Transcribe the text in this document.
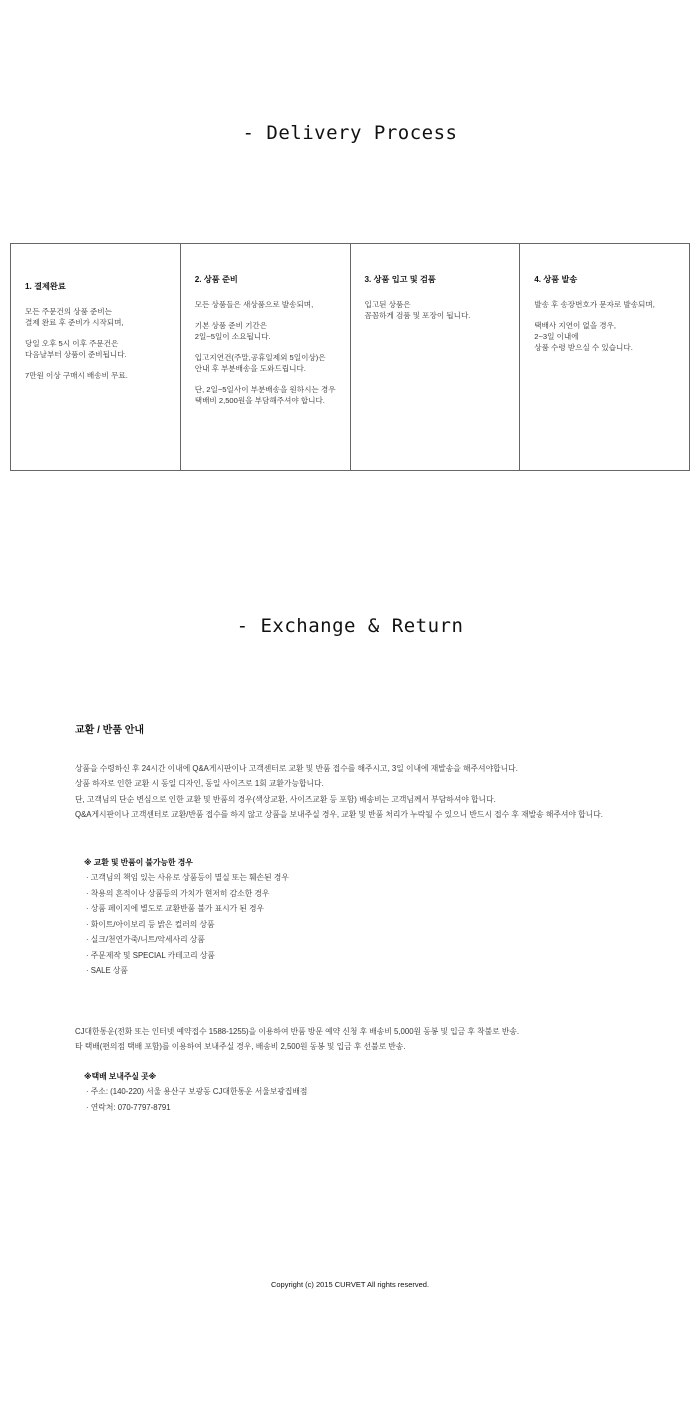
- Delivery Process
1. 결제완료
모든 주문건의 상품 준비는
결제 완료 후 준비가 시작되며,
당일 오후 5시 이후 주문건은
다음날부터 상품이 준비됩니다.
7만원 이상 구매시 배송비 무료.
2. 상품 준비
모든 상품들은 새상품으로 발송되며,
기본 상품 준비 기간은
2일~5일이 소요됩니다.
입고지연건(주말,공휴일제외 5일이상)은
안내 후 부분배송을 도와드립니다.
단, 2일~5일사이 부분배송을 원하시는 경우
택배비 2,500원을 부담해주셔야 합니다.
3. 상품 입고 및 검품
입고된 상품은
꼼꼼하게 검품 및 포장이 됩니다.
4. 상품 발송
발송 후 송장번호가 문자로 발송되며,
택배사 지연이 없을 경우,
2~3일 이내에
상품 수령 받으실 수 있습니다.
- Exchange & Return
교환 / 반품 안내
상품을 수령하신 후 24시간 이내에 Q&A게시판이나 고객센터로 교환 및 반품 접수를 해주시고, 3일 이내에 재발송을 해주셔야합니다.
상품 하자로 인한 교환 시 동일 디자인, 동일 사이즈로 1회 교환가능합니다.
단, 고객님의 단순 변심으로 인한 교환 및 반품의 경우(색상교환, 사이즈교환 등 포함) 배송비는 고객님께서 부담하셔야 합니다.
Q&A게시판이나 고객센터로 교환/반품 접수를 하지 않고 상품을 보내주실 경우, 교환 및 반품 처리가 누락될 수 있으니 반드시 접수 후 재발송 해주셔야 합니다.
※ 교환 및 반품이 불가능한 경우
· 고객님의 책임 있는 사유로 상품등이 멸실 또는 훼손된 경우
· 착용의 흔적이나 상품등의 가치가 현저히 감소한 경우
· 상품 페이지에 별도로 교환반품 불가 표시가 된 경우
· 화이트/아이보리 등 밝은 컬러의 상품
· 실크/천연가죽/니트/악세사리 상품
· 주문제작 및 SPECIAL 카테고리 상품
· SALE 상품
CJ대한통운(전화 또는 인터넷 예약접수 1588-1255)을 이용하여 반품 방문 예약 신청 후 배송비 5,000원 동봉 및 입금 후 착불로 반송.
타 택배(편의점 택배 포함)를 이용하여 보내주실 경우, 배송비 2,500원 동봉 및 입금 후 선불로 반송.
※택배 보내주실 곳※
· 주소: (140-220) 서울 용산구 보광동 CJ대한통운 서울보광집배점
· 연락처: 070-7797-8791
Copyright (c) 2015 CURVET All rights reserved.
